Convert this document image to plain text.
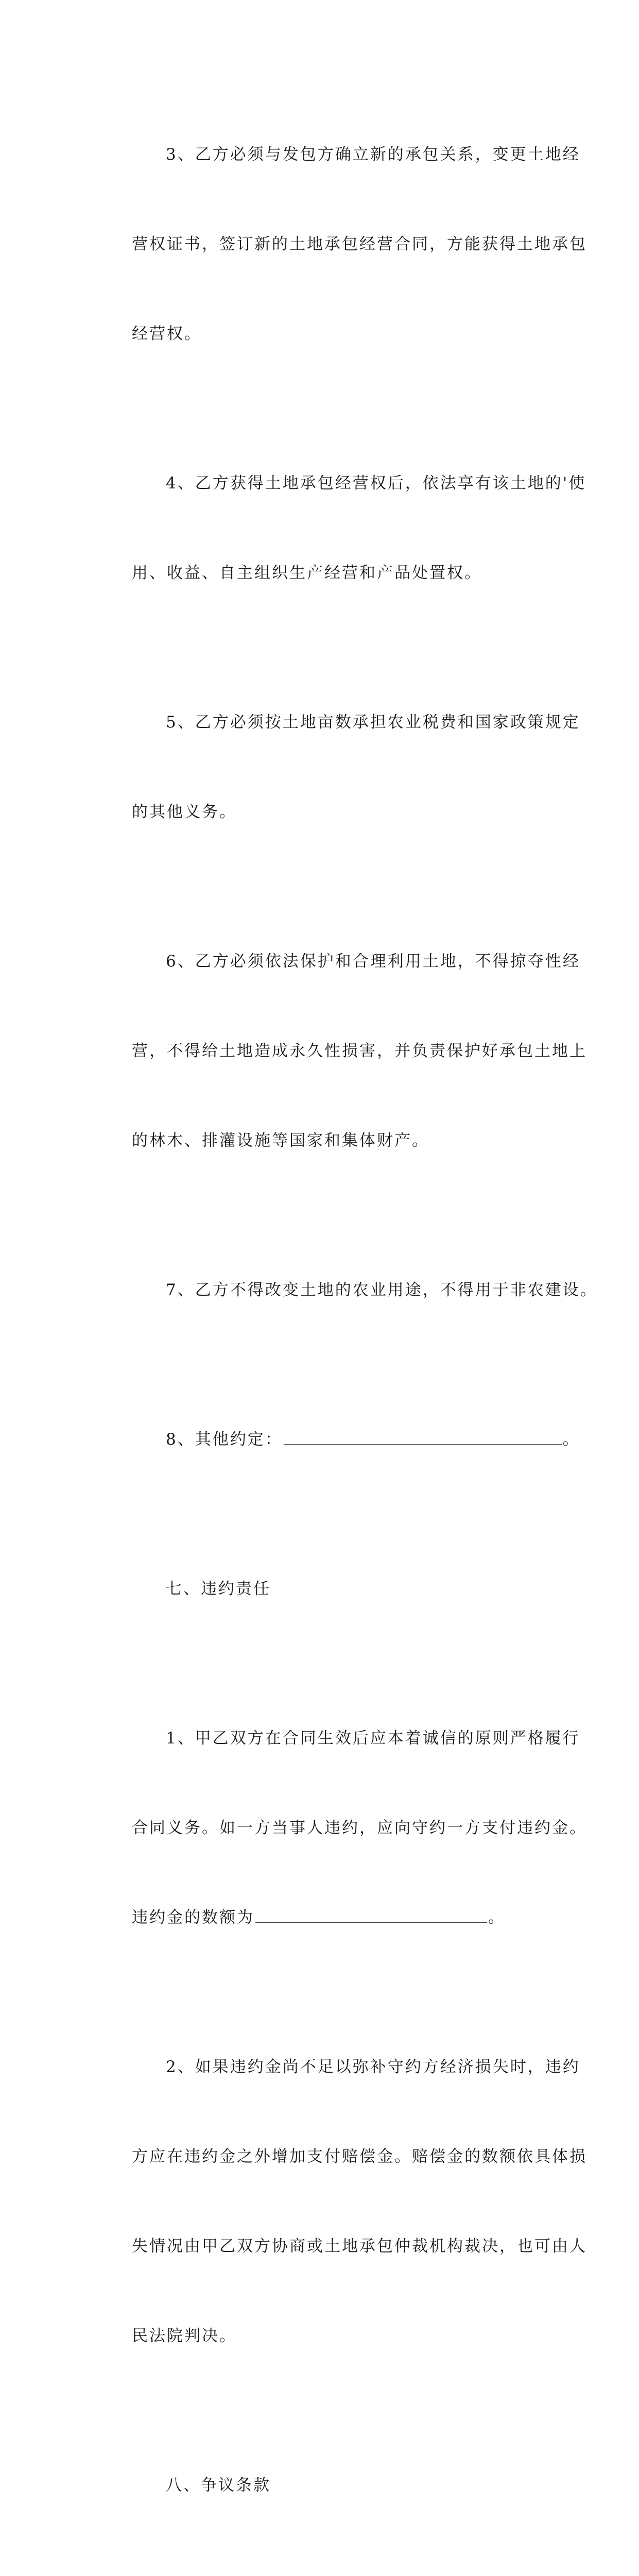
3、乙方必须与发包方确立新的承包关系，变更土地经

营权证书，签订新的土地承包经营合同，方能获得土地承包

经营权。

4、乙方获得土地承包经营权后，依法享有该土地的'使

用、收益、自主组织生产经营和产品处置权。

5、乙方必须按土地亩数承担农业税费和国家政策规定

的其他义务。

6、乙方必须依法保护和合理利用土地，不得掠夺性经

营，不得给土地造成永久性损害，并负责保护好承包土地上

的林木、排灌设施等国家和集体财产。

7、乙方不得改变土地的农业用途，不得用于非农建设。

8、其他约定：	。

七、违约责任

1、甲乙双方在合同生效后应本着诚信的原则严格履行

合同义务。如一方当事人违约，应向守约一方支付违约金。

违约金的数额为	。

2、如果违约金尚不足以弥补守约方经济损失时，违约

方应在违约金之外增加支付赔偿金。赔偿金的数额依具体损

失情况由甲乙双方协商或土地承包仲裁机构裁决，也可由人

民法院判决。

八、争议条款
